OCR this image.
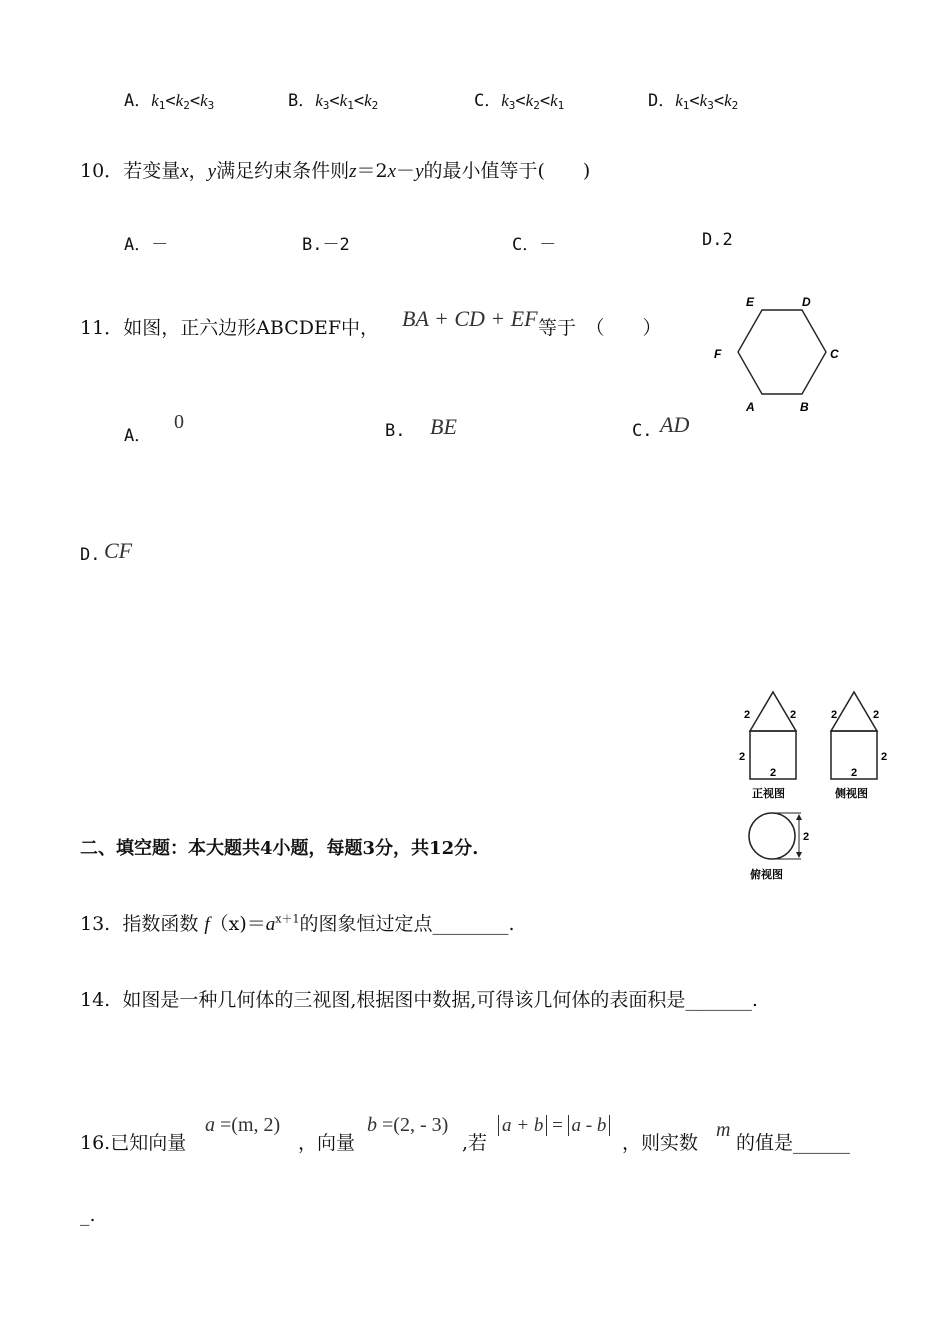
A．$k_1<k_2<k_3$	B．$k_3<k_1<k_2$	C．$k_3<k_2<k_1$	D．$k_1<k_3<k_2$
10．若变量x，y满足约束条件则z＝2x－y的最小值等于(　　)
A．－	B.－2	C．－	D.2
11．如图，正六边形ABCDEF中， BA + CD + EF 等于　（　　）
E	D
F	C
A	B
A．
0	B. BE	C. AD
D. CF
2	2
2
2
正视图
2	2
2
2
侧视图
2
俯视图
二、填空题：本大题共4小题，每题3分，共12分.
13. 指数函数 $f(x)=a^{x+1}$的图象恒过定点________.
14. 如图是一种几何体的三视图,根据图中数据,可得该几何体的表面积是_______.
16.已知向量
a =(m, 2)
，向量
b =(2, - 3)
,若
a + b = a - b
，则实数
m
的值是______
_.
